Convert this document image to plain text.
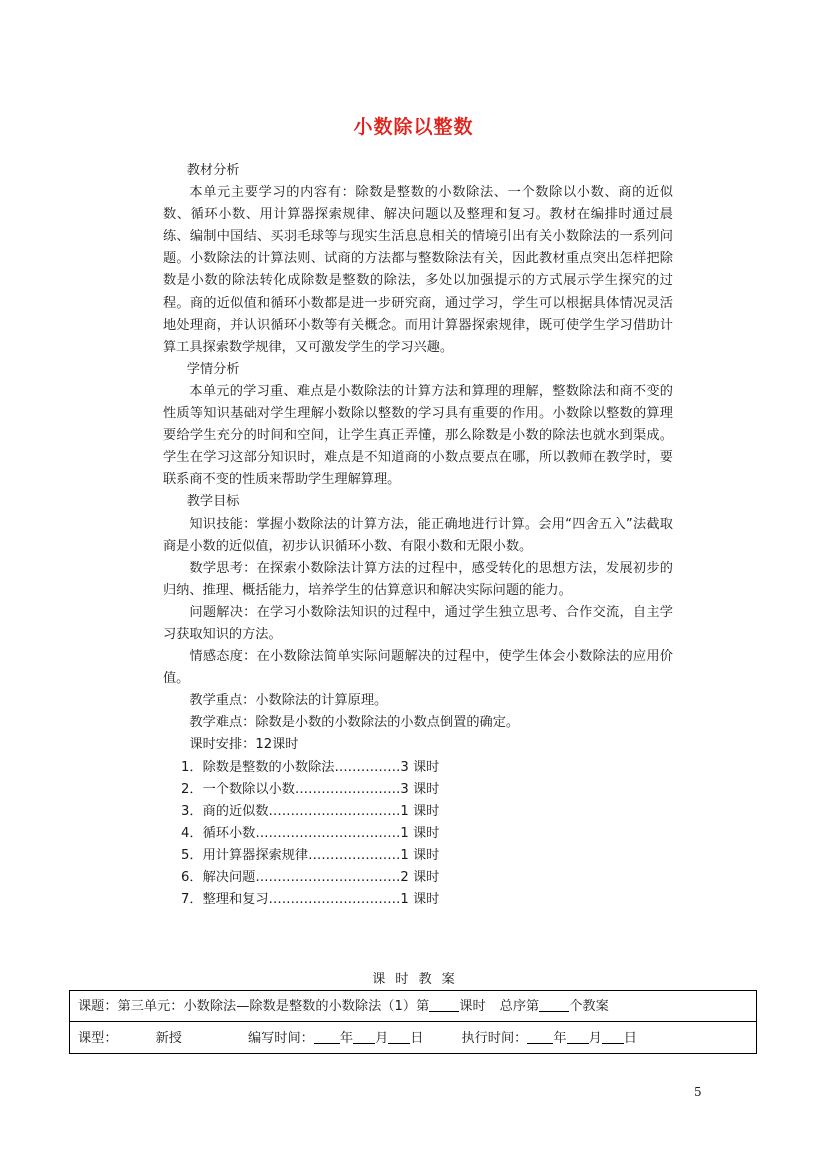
小数除以整数

教材分析

本单元主要学习的内容有：除数是整数的小数除法、一个数除以小数、商的近似数、循环小数、用计算器探索规律、解决问题以及整理和复习。教材在编排时通过晨练、编制中国结、买羽毛球等与现实生活息息相关的情境引出有关小数除法的一系列问题。小数除法的计算法则、试商的方法都与整数除法有关，因此教材重点突出怎样把除数是小数的除法转化成除数是整数的除法，多处以加强提示的方式展示学生探究的过程。商的近似值和循环小数都是进一步研究商，通过学习，学生可以根据具体情况灵活地处理商，并认识循环小数等有关概念。而用计算器探索规律，既可使学生学习借助计算工具探索数学规律，又可激发学生的学习兴趣。

学情分析

本单元的学习重、难点是小数除法的计算方法和算理的理解，整数除法和商不变的性质等知识基础对学生理解小数除以整数的学习具有重要的作用。小数除以整数的算理要给学生充分的时间和空间，让学生真正弄懂，那么除数是小数的除法也就水到渠成。学生在学习这部分知识时，难点是不知道商的小数点要点在哪，所以教师在教学时，要联系商不变的性质来帮助学生理解算理。

教学目标

知识技能：掌握小数除法的计算方法，能正确地进行计算。会用“四舍五入”法截取商是小数的近似值，初步认识循环小数、有限小数和无限小数。

数学思考：在探索小数除法计算方法的过程中，感受转化的思想方法，发展初步的归纳、推理、概括能力，培养学生的估算意识和解决实际问题的能力。

问题解决：在学习小数除法知识的过程中，通过学生独立思考、合作交流，自主学习获取知识的方法。

情感态度：在小数除法简单实际问题解决的过程中，使学生体会小数除法的应用价值。

教学重点：小数除法的计算原理。

教学难点：除数是小数的小数除法的小数点倒置的确定。

课时安排：12课时

1．除数是整数的小数除法……………3 课时
2．一个数除以小数……………………3 课时
3．商的近似数…………………………1 课时
4．循环小数……………………………1 课时
5．用计算器探索规律…………………1 课时
6．解决问题……………………………2 课时
7．整理和复习…………………………1 课时
课时教案
课题：第三单元：小数除法—除数是整数的小数除法（1）第 课时 总序第 个教案
课型：	新授	编写时间： 年 月 日	执行时间： 年 月 日
5
